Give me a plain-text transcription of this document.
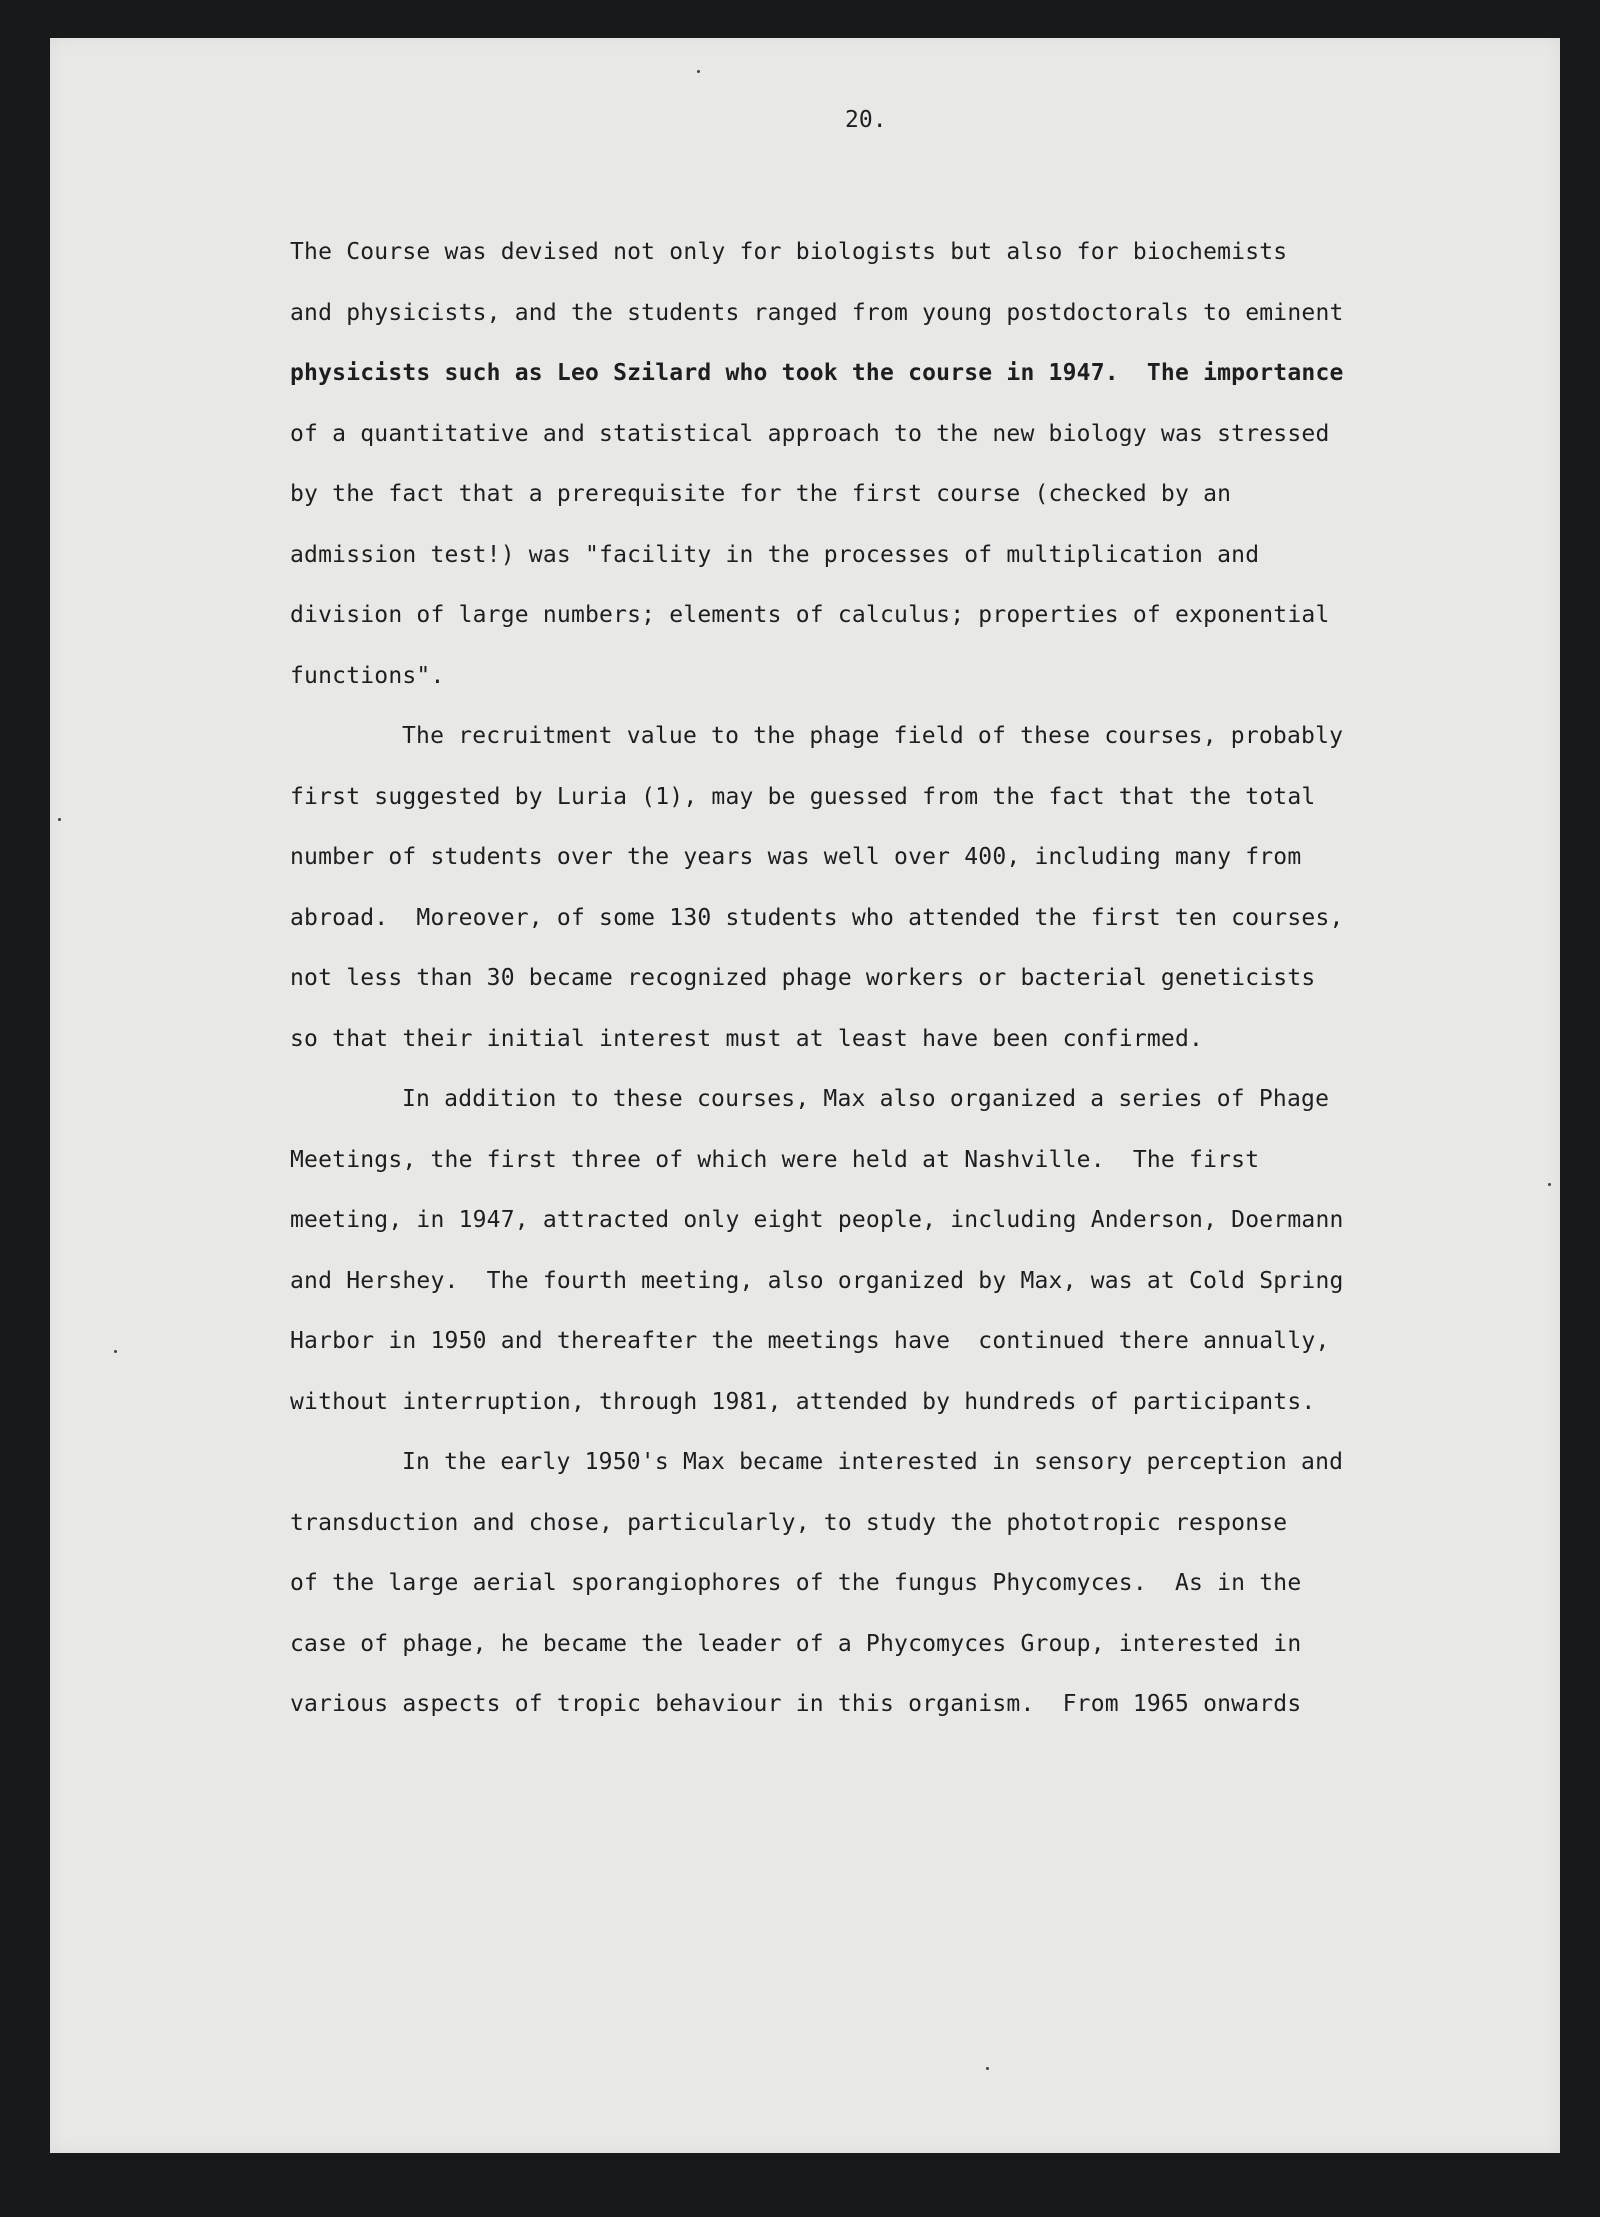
20.

The Course was devised not only for biologists but also for biochemists

and physicists, and the students ranged from young postdoctorals to eminent

physicists such as Leo Szilard who took the course in 1947.  The importance

of a quantitative and statistical approach to the new biology was stressed

by the fact that a prerequisite for the first course (checked by an

admission test!) was "facility in the processes of multiplication and

division of large numbers; elements of calculus; properties of exponential

functions".

The recruitment value to the phage field of these courses, probably

first suggested by Luria (1), may be guessed from the fact that the total

number of students over the years was well over 400, including many from

abroad.  Moreover, of some 130 students who attended the first ten courses,

not less than 30 became recognized phage workers or bacterial geneticists

so that their initial interest must at least have been confirmed.

In addition to these courses, Max also organized a series of Phage

Meetings, the first three of which were held at Nashville.  The first

meeting, in 1947, attracted only eight people, including Anderson, Doermann

and Hershey.  The fourth meeting, also organized by Max, was at Cold Spring

Harbor in 1950 and thereafter the meetings have  continued there annually,

without interruption, through 1981, attended by hundreds of participants.

In the early 1950's Max became interested in sensory perception and

transduction and chose, particularly, to study the phototropic response

of the large aerial sporangiophores of the fungus Phycomyces.  As in the

case of phage, he became the leader of a Phycomyces Group, interested in

various aspects of tropic behaviour in this organism.  From 1965 onwards
